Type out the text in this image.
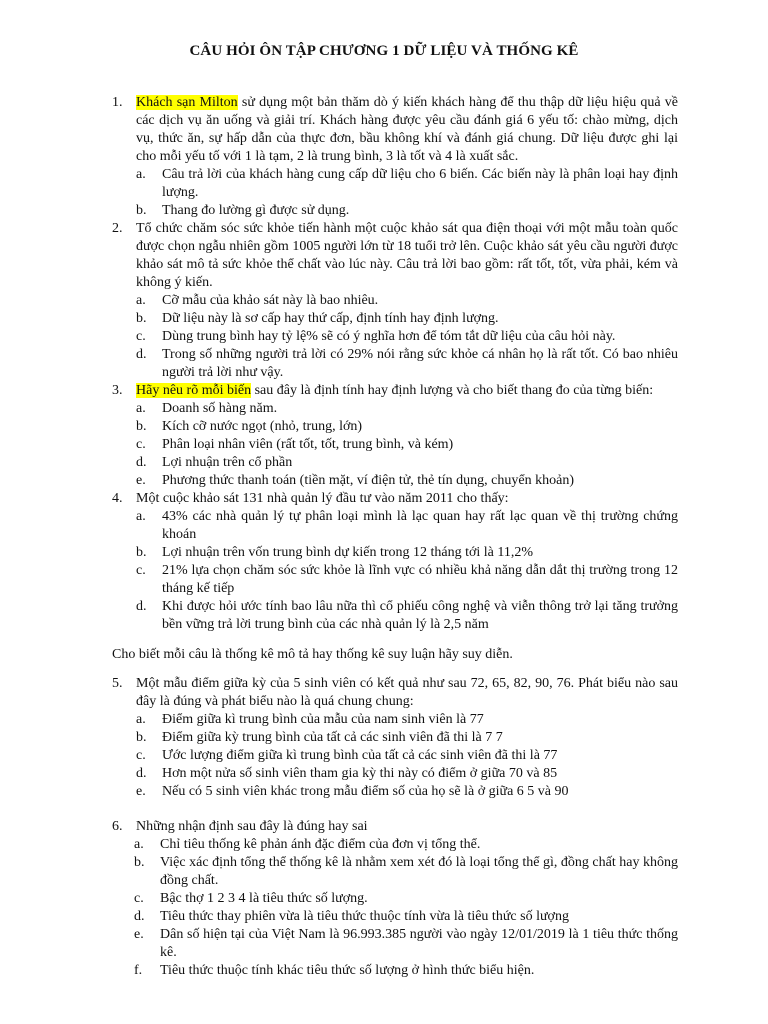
CÂU HỎI ÔN TẬP CHƯƠNG 1 DỮ LIỆU VÀ THỐNG KÊ
1. Khách sạn Milton sử dụng một bản thăm dò ý kiến khách hàng để thu thập dữ liệu hiệu quả về các dịch vụ ăn uống và giải trí. Khách hàng được yêu cầu đánh giá 6 yếu tố: chào mừng, dịch vụ, thức ăn, sự hấp dẫn của thực đơn, bầu không khí và đánh giá chung. Dữ liệu được ghi lại cho mỗi yếu tố với 1 là tạm, 2 là trung bình, 3 là tốt và 4 là xuất sắc.
a.	Câu trả lời của khách hàng cung cấp dữ liệu cho 6 biến. Các biến này là phân loại hay định lượng.
b.	Thang đo lường gì được sử dụng.
2. Tổ chức chăm sóc sức khỏe tiến hành một cuộc khảo sát qua điện thoại với một mẫu toàn quốc được chọn ngẫu nhiên gồm 1005 người lớn từ 18 tuổi trở lên. Cuộc khảo sát yêu cầu người được khảo sát mô tả sức khỏe thể chất vào lúc này. Câu trả lời bao gồm: rất tốt, tốt, vừa phải, kém và không ý kiến.
a.	Cỡ mẫu của khảo sát này là bao nhiêu.
b.	Dữ liệu này là sơ cấp hay thứ cấp, định tính hay định lượng.
c.	Dùng trung bình hay tỷ lệ% sẽ có ý nghĩa hơn để tóm tắt dữ liệu của câu hỏi này.
d.	Trong số những người trả lời có 29% nói rằng sức khỏe cá nhân họ là rất tốt. Có bao nhiêu người trả lời như vậy.
3. Hãy nêu rõ mỗi biến sau đây là định tính hay định lượng và cho biết thang đo của từng biến:
a.	Doanh số hàng năm.
b.	Kích cỡ nước ngọt (nhỏ, trung, lớn)
c.	Phân loại nhân viên (rất tốt, tốt, trung bình, và kém)
d.	Lợi nhuận trên cổ phần
e.	Phương thức thanh toán (tiền mặt, ví điện tử, thẻ tín dụng, chuyển khoản)
4. Một cuộc khảo sát 131 nhà quản lý đầu tư vào năm 2011 cho thấy:
a.	43% các nhà quản lý tự phân loại mình là lạc quan hay rất lạc quan về thị trường chứng khoán
b.	Lợi nhuận trên vốn trung bình dự kiến trong 12 tháng tới là 11,2%
c.	21% lựa chọn chăm sóc sức khỏe là lĩnh vực có nhiều khả năng dẫn dắt thị trường trong 12 tháng kế tiếp
d.	Khi được hỏi ước tính bao lâu nữa thì cổ phiếu công nghệ và viễn thông trở lại tăng trưởng bền vững trả lời trung bình của các nhà quản lý là 2,5 năm
Cho biết mỗi câu là thống kê mô tả hay thống kê suy luận hãy suy diễn.
5. Một mẫu điểm giữa kỳ của 5 sinh viên có kết quả như sau 72, 65, 82, 90, 76. Phát biểu nào sau đây là đúng và phát biểu nào là quá chung chung:
a.	Điểm giữa kì trung bình của mẫu của nam sinh viên là 77
b.	Điểm giữa kỳ trung bình của tất cả các sinh viên đã thi là 7 7
c.	Ước lượng điểm giữa kì trung bình của tất cả các sinh viên đã thi là 77
d.	Hơn một nửa số sinh viên tham gia kỳ thi này có điểm ở giữa 70 và 85
e.	Nếu có 5 sinh viên khác trong mẫu điểm số của họ sẽ là ở giữa 6 5 và 90
6. Những nhận định sau đây là đúng hay sai
a.	Chỉ tiêu thống kê phản ánh đặc điểm của đơn vị tổng thể.
b.	Việc xác định tổng thể thống kê là nhằm xem xét đó là loại tổng thể gì, đồng chất hay không đồng chất.
c.	Bậc thợ 1 2 3 4 là tiêu thức số lượng.
d.	Tiêu thức thay phiên vừa là tiêu thức thuộc tính vừa là tiêu thức số lượng
e.	Dân số hiện tại của Việt Nam là 96.993.385 người vào ngày 12/01/2019 là 1 tiêu thức thống kê.
f.	Tiêu thức thuộc tính khác tiêu thức số lượng ở hình thức biểu hiện.
